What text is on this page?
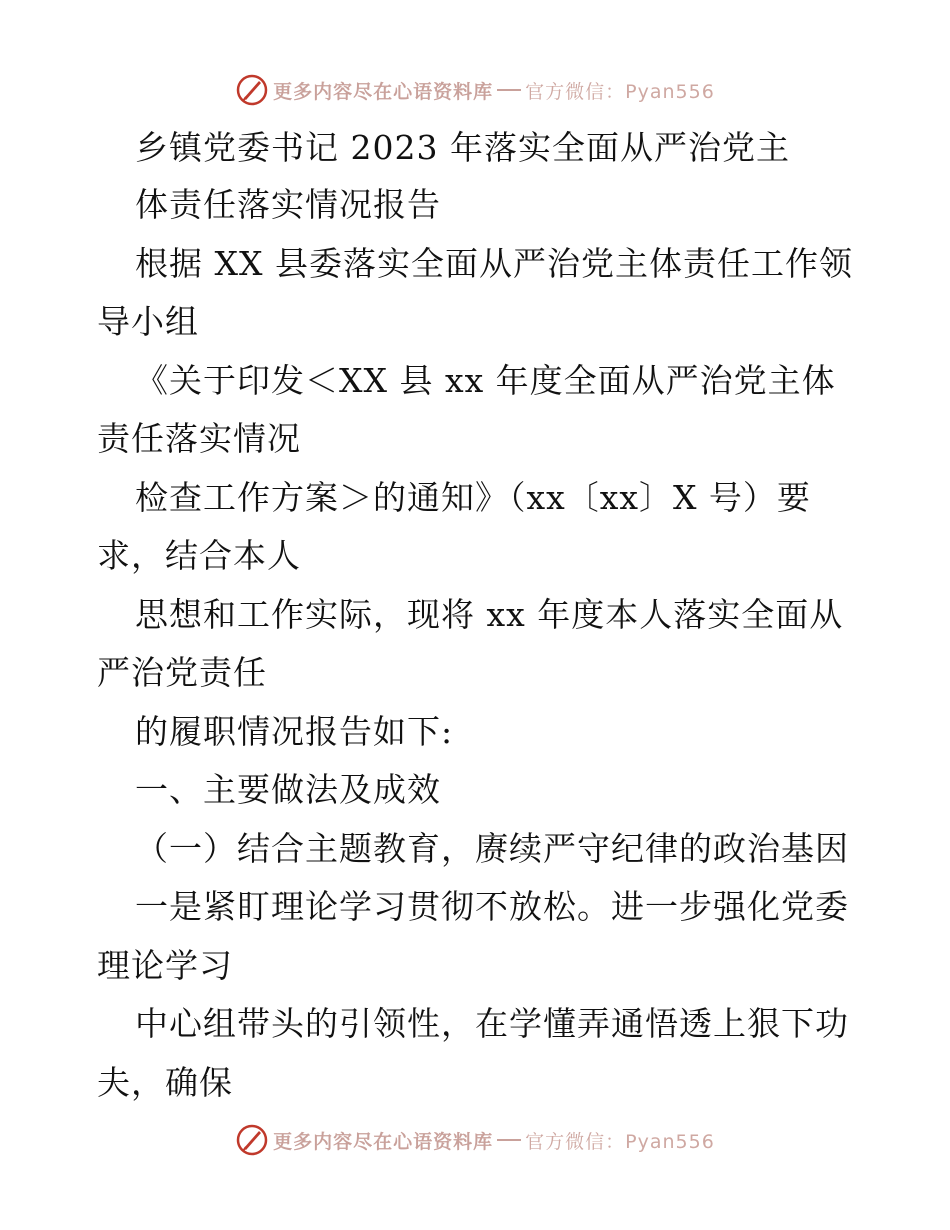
更多内容尽在心语资料库 官方微信：Pyan556
乡镇党委书记 2023 年落实全面从严治党主
体责任落实情况报告
根据 XX 县委落实全面从严治党主体责任工作领
导小组
《关于印发＜XX 县 xx 年度全面从严治党主体
责任落实情况
检查工作方案＞的通知》（xx〔xx〕X 号）要
求，结合本人
思想和工作实际，现将 xx 年度本人落实全面从
严治党责任
的履职情况报告如下:
一、主要做法及成效
（一）结合主题教育，赓续严守纪律的政治基因
一是紧盯理论学习贯彻不放松。进一步强化党委
理论学习
中心组带头的引领性，在学懂弄通悟透上狠下功
夫，确保
更多内容尽在心语资料库 官方微信：Pyan556
